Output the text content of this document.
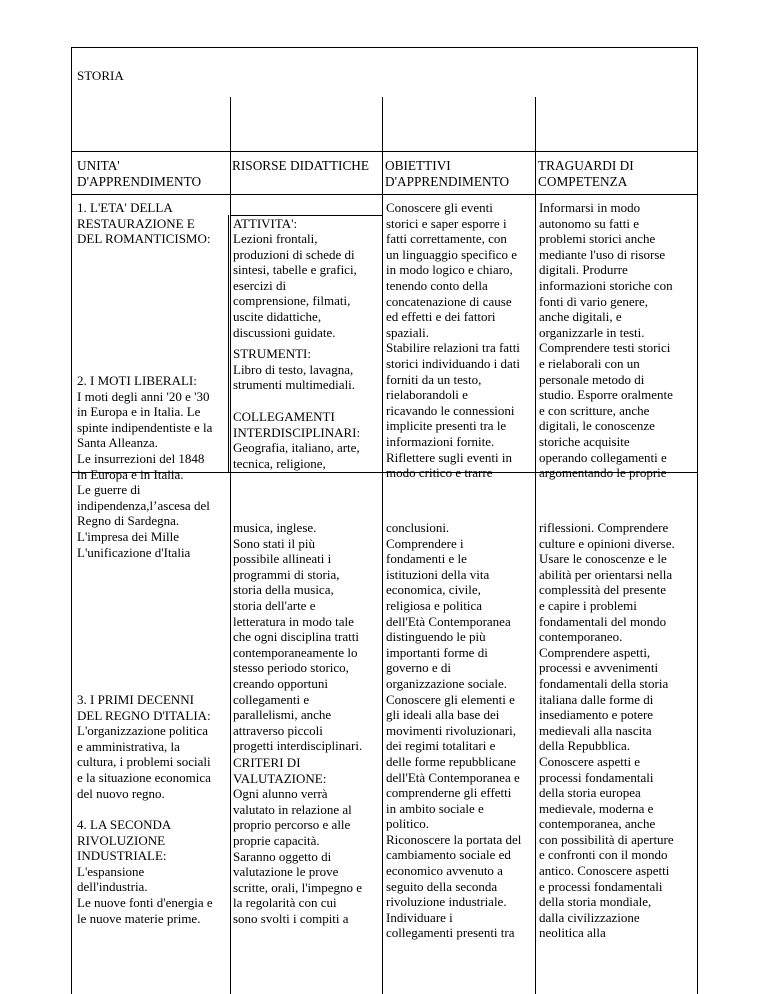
STORIA
UNITA'
D'APPRENDIMENTO
RISORSE DIDATTICHE OBIETTIVI
D'APPRENDIMENTO
TRAGUARDI DI
COMPETENZA
1. L'ETA' DELLA
RESTAURAZIONE E
DEL ROMANTICISMO:
2. I MOTI LIBERALI:
I moti degli anni '20 e '30
in Europa e in Italia. Le
spinte indipendentiste e la
Santa Alleanza.
Le insurrezioni del 1848
in Europa e in Italia.
Le guerre di
indipendenza,l’ascesa del
Regno di Sardegna.
L'impresa dei Mille
L'unificazione d'Italia
ATTIVITA':
Lezioni frontali,
produzioni di schede di
sintesi, tabelle e grafici,
esercizi di
comprensione, filmati,
uscite didattiche,
discussioni guidate.
STRUMENTI:
Libro di testo, lavagna,
strumenti multimediali.
COLLEGAMENTI
INTERDISCIPLINARI:
Geografia, italiano, arte,
tecnica, religione,
Conoscere gli eventi
storici e saper esporre i
fatti correttamente, con
un linguaggio specifico e
in modo logico e chiaro,
tenendo conto della
concatenazione di cause
ed effetti e dei fattori
spaziali.
Stabilire relazioni tra fatti
storici individuando i dati
forniti da un testo,
rielaborandoli e
ricavando le connessioni
implicite presenti tra le
informazioni fornite.
Riflettere sugli eventi in
modo critico e trarre
Informarsi in modo
autonomo su fatti e
problemi storici anche
mediante l'uso di risorse
digitali. Produrre
informazioni storiche con
fonti di vario genere,
anche digitali, e
organizzarle in testi.
Comprendere testi storici
e rielaborali con un
personale metodo di
studio. Esporre oralmente
e con scritture, anche
digitali, le conoscenze
storiche acquisite
operando collegamenti e
argomentando le proprie
musica, inglese.
Sono stati il più
possibile allineati i
programmi di storia,
storia della musica,
storia dell'arte e
letteratura in modo tale
che ogni disciplina tratti
contemporaneamente lo
stesso periodo storico,
creando opportuni
collegamenti e
parallelismi, anche
attraverso piccoli
progetti interdisciplinari.
CRITERI DI
VALUTAZIONE:
Ogni alunno verrà
valutato in relazione al
proprio percorso e alle
proprie capacità.
Saranno oggetto di
valutazione le prove
scritte, orali, l'impegno e
la regolarità con cui
sono svolti i compiti a
3. I PRIMI DECENNI
DEL REGNO D'ITALIA:
L'organizzazione politica
e amministrativa, la
cultura, i problemi sociali
e la situazione economica
del nuovo regno.
4. LA SECONDA
RIVOLUZIONE
INDUSTRIALE:
L'espansione
dell'industria.
Le nuove fonti d'energia e
le nuove materie prime.
conclusioni.
Comprendere i
fondamenti e le
istituzioni della vita
economica, civile,
religiosa e politica
dell'Età Contemporanea
distinguendo le più
importanti forme di
governo e di
organizzazione sociale.
Conoscere gli elementi e
gli ideali alla base dei
movimenti rivoluzionari,
dei regimi totalitari e
delle forme repubblicane
dell'Età Contemporanea e
comprenderne gli effetti
in ambito sociale e
politico.
Riconoscere la portata del
cambiamento sociale ed
economico avvenuto a
seguito della seconda
rivoluzione industriale.
Individuare i
collegamenti presenti tra
riflessioni. Comprendere
culture e opinioni diverse.
Usare le conoscenze e le
abilità per orientarsi nella
complessità del presente
e capire i problemi
fondamentali del mondo
contemporaneo.
Comprendere aspetti,
processi e avvenimenti
fondamentali della storia
italiana dalle forme di
insediamento e potere
medievali alla nascita
della Repubblica.
Conoscere aspetti e
processi fondamentali
della storia europea
medievale, moderna e
contemporanea, anche
con possibilità di aperture
e confronti con il mondo
antico. Conoscere aspetti
e processi fondamentali
della storia mondiale,
dalla civilizzazione
neolitica alla
